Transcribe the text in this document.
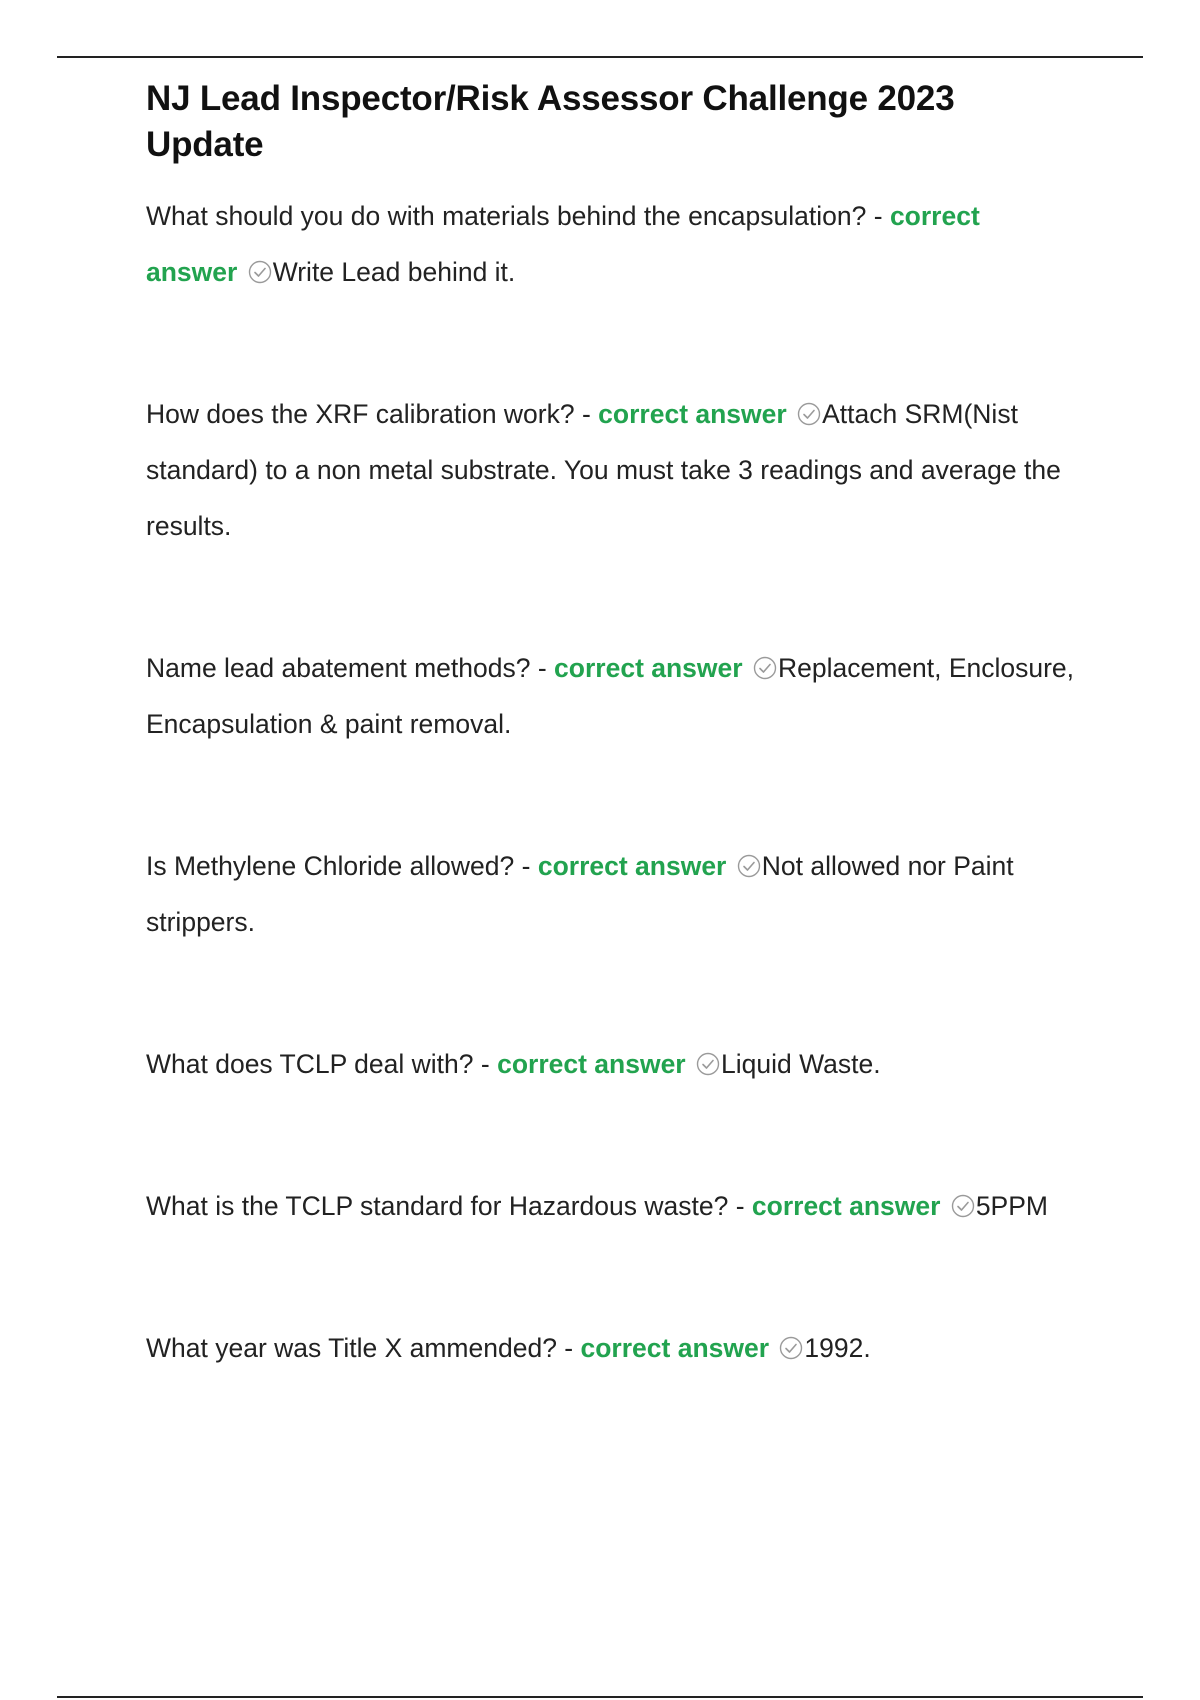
NJ Lead Inspector/Risk Assessor Challenge 2023 Update

What should you do with materials behind the encapsulation? - correct answer Write Lead behind it.

How does the XRF calibration work? - correct answer Attach SRM(Nist standard) to a non metal substrate. You must take 3 readings and average the results.

Name lead abatement methods? - correct answer Replacement, Enclosure, Encapsulation & paint removal.

Is Methylene Chloride allowed? - correct answer Not allowed nor Paint strippers.

What does TCLP deal with? - correct answer Liquid Waste.

What is the TCLP standard for Hazardous waste? - correct answer 5PPM

What year was Title X ammended? - correct answer 1992.
